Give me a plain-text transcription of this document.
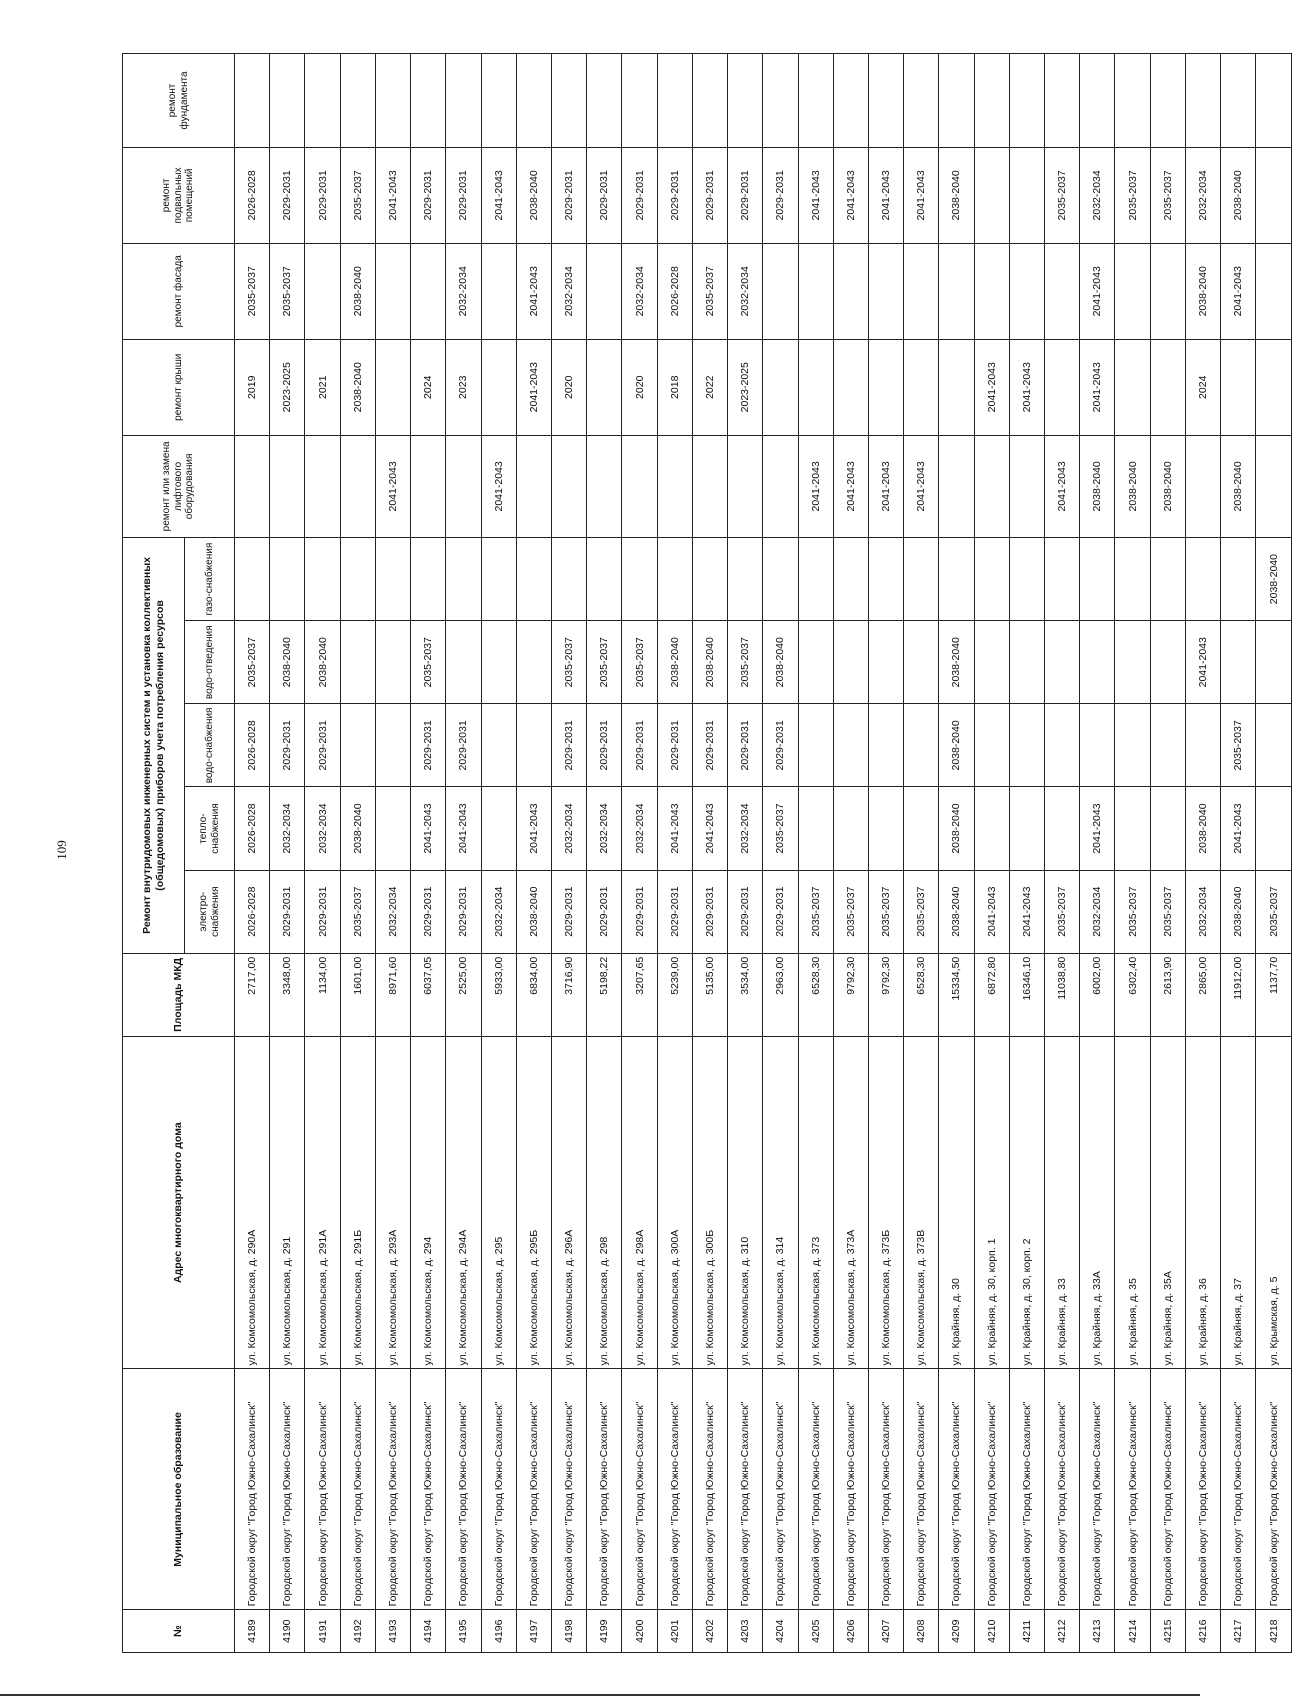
109
№	Муниципальное образование	Адрес многоквартирного дома	Площадь МКД	Ремонт внутридомовых инженерных систем и установка коллективных (общедомовых) приборов учета потребления ресурсов					ремонт или замена лифтового оборудования	ремонт крыши	ремонт фасада	ремонт подвальных помещений	ремонт фундамента
				электро-снабжения	тепло-снабжения	водо-снабжения	водо-отведения	газо-снабжения					
4189	Городской округ "Город Южно-Сахалинск"	ул. Комсомольская, д. 290А	2717,00	2026-2028	2026-2028	2026-2028	2035-2037			2019	2035-2037	2026-2028	
4190	Городской округ "Город Южно-Сахалинск"	ул. Комсомольская, д. 291	3348,00	2029-2031	2032-2034	2029-2031	2038-2040			2023-2025	2035-2037	2029-2031	
4191	Городской округ "Город Южно-Сахалинск"	ул. Комсомольская, д. 291А	1134,00	2029-2031	2032-2034	2029-2031	2038-2040			2021		2029-2031	
4192	Городской округ "Город Южно-Сахалинск"	ул. Комсомольская, д. 291Б	1601,00	2035-2037	2038-2040					2038-2040	2038-2040	2035-2037	
4193	Городской округ "Город Южно-Сахалинск"	ул. Комсомольская, д. 293А	8971,60	2032-2034					2041-2043			2041-2043	
4194	Городской округ "Город Южно-Сахалинск"	ул. Комсомольская, д. 294	6037,05	2029-2031	2041-2043	2029-2031	2035-2037			2024		2029-2031	
4195	Городской округ "Город Южно-Сахалинск"	ул. Комсомольская, д. 294А	2525,00	2029-2031	2041-2043	2029-2031				2023	2032-2034	2029-2031	
4196	Городской округ "Город Южно-Сахалинск"	ул. Комсомольская, д. 295	5933,00	2032-2034					2041-2043			2041-2043	
4197	Городской округ "Город Южно-Сахалинск"	ул. Комсомольская, д. 295Б	6834,00	2038-2040	2041-2043					2041-2043	2041-2043	2038-2040	
4198	Городской округ "Город Южно-Сахалинск"	ул. Комсомольская, д. 296А	3716,90	2029-2031	2032-2034	2029-2031	2035-2037			2020	2032-2034	2029-2031	
4199	Городской округ "Город Южно-Сахалинск"	ул. Комсомольская, д. 298	5198,22	2029-2031	2032-2034	2029-2031	2035-2037					2029-2031	
4200	Городской округ "Город Южно-Сахалинск"	ул. Комсомольская, д. 298А	3207,65	2029-2031	2032-2034	2029-2031	2035-2037			2020	2032-2034	2029-2031	
4201	Городской округ "Город Южно-Сахалинск"	ул. Комсомольская, д. 300А	5239,00	2029-2031	2041-2043	2029-2031	2038-2040			2018	2026-2028	2029-2031	
4202	Городской округ "Город Южно-Сахалинск"	ул. Комсомольская, д. 300Б	5135,00	2029-2031	2041-2043	2029-2031	2038-2040			2022	2035-2037	2029-2031	
4203	Городской округ "Город Южно-Сахалинск"	ул. Комсомольская, д. 310	3534,00	2029-2031	2032-2034	2029-2031	2035-2037			2023-2025	2032-2034	2029-2031	
4204	Городской округ "Город Южно-Сахалинск"	ул. Комсомольская, д. 314	2963,00	2029-2031	2035-2037	2029-2031	2038-2040					2029-2031	
4205	Городской округ "Город Южно-Сахалинск"	ул. Комсомольская, д. 373	6528,30	2035-2037					2041-2043			2041-2043	
4206	Городской округ "Город Южно-Сахалинск"	ул. Комсомольская, д. 373А	9792,30	2035-2037					2041-2043			2041-2043	
4207	Городской округ "Город Южно-Сахалинск"	ул. Комсомольская, д. 373Б	9792,30	2035-2037					2041-2043			2041-2043	
4208	Городской округ "Город Южно-Сахалинск"	ул. Комсомольская, д. 373В	6528,30	2035-2037					2041-2043			2041-2043	
4209	Городской округ "Город Южно-Сахалинск"	ул. Крайняя, д. 30	15334,50	2038-2040	2038-2040	2038-2040	2038-2040					2038-2040	
4210	Городской округ "Город Южно-Сахалинск"	ул. Крайняя, д. 30, корп. 1	6872,80	2041-2043						2041-2043			
4211	Городской округ "Город Южно-Сахалинск"	ул. Крайняя, д. 30, корп. 2	16346,10	2041-2043						2041-2043			
4212	Городской округ "Город Южно-Сахалинск"	ул. Крайняя, д. 33	11038,80	2035-2037					2041-2043			2035-2037	
4213	Городской округ "Город Южно-Сахалинск"	ул. Крайняя, д. 33А	6002,00	2032-2034	2041-2043				2038-2040	2041-2043	2041-2043	2032-2034	
4214	Городской округ "Город Южно-Сахалинск"	ул. Крайняя, д. 35	6302,40	2035-2037					2038-2040			2035-2037	
4215	Городской округ "Город Южно-Сахалинск"	ул. Крайняя, д. 35А	2613,90	2035-2037					2038-2040			2035-2037	
4216	Городской округ "Город Южно-Сахалинск"	ул. Крайняя, д. 36	2865,00	2032-2034	2038-2040		2041-2043			2024	2038-2040	2032-2034	
4217	Городской округ "Город Южно-Сахалинск"	ул. Крайняя, д. 37	11912,00	2038-2040	2041-2043	2035-2037			2038-2040		2041-2043	2038-2040	
4218	Городской округ "Город Южно-Сахалинск"	ул. Крымская, д. 5	1137,70	2035-2037				2038-2040					
